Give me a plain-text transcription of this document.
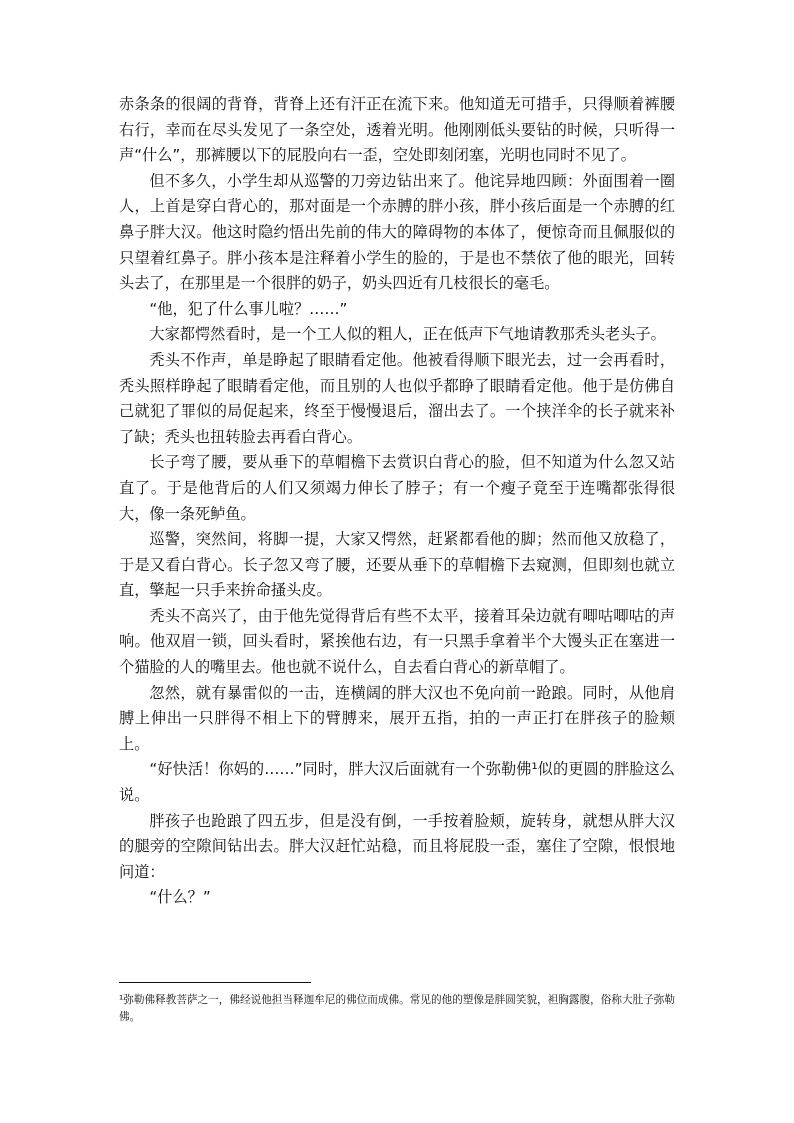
赤条条的很阔的背脊，背脊上还有汗正在流下来。他知道无可措手，只得顺着裤腰右行，幸而在尽头发见了一条空处，透着光明。他刚刚低头要钻的时候，只听得一声“什么”，那裤腰以下的屁股向右一歪，空处即刻闭塞，光明也同时不见了。

但不多久，小学生却从巡警的刀旁边钻出来了。他诧异地四顾：外面围着一圈人，上首是穿白背心的，那对面是一个赤膊的胖小孩，胖小孩后面是一个赤膊的红鼻子胖大汉。他这时隐约悟出先前的伟大的障碍物的本体了，便惊奇而且佩服似的只望着红鼻子。胖小孩本是注释着小学生的脸的，于是也不禁依了他的眼光，回转头去了，在那里是一个很胖的奶子，奶头四近有几枝很长的毫毛。

“他，犯了什么事儿啦？……”

大家都愕然看时，是一个工人似的粗人，正在低声下气地请教那秃头老头子。

秃头不作声，单是睁起了眼睛看定他。他被看得顺下眼光去，过一会再看时，秃头照样睁起了眼睛看定他，而且别的人也似乎都睁了眼睛看定他。他于是仿佛自己就犯了罪似的局促起来，终至于慢慢退后，溜出去了。一个挟洋伞的长子就来补了缺；秃头也扭转脸去再看白背心。

长子弯了腰，要从垂下的草帽檐下去赏识白背心的脸，但不知道为什么忽又站直了。于是他背后的人们又须竭力伸长了脖子；有一个瘦子竟至于连嘴都张得很大，像一条死鲈鱼。

巡警，突然间，将脚一提，大家又愕然，赶紧都看他的脚；然而他又放稳了，于是又看白背心。长子忽又弯了腰，还要从垂下的草帽檐下去窥测，但即刻也就立直，擎起一只手来拚命搔头皮。

秃头不高兴了，由于他先觉得背后有些不太平，接着耳朵边就有唧咕唧咕的声响。他双眉一锁，回头看时，紧挨他右边，有一只黑手拿着半个大馒头正在塞进一个猫脸的人的嘴里去。他也就不说什么，自去看白背心的新草帽了。

忽然，就有暴雷似的一击，连横阔的胖大汉也不免向前一跄踉。同时，从他肩膊上伸出一只胖得不相上下的臂膊来，展开五指，拍的一声正打在胖孩子的脸颊上。

“好快活！你妈的……”同时，胖大汉后面就有一个弥勒佛¹似的更圆的胖脸这么说。

胖孩子也跄踉了四五步，但是没有倒，一手按着脸颊，旋转身，就想从胖大汉的腿旁的空隙间钻出去。胖大汉赶忙站稳，而且将屁股一歪，塞住了空隙，恨恨地问道：

“什么？”

¹弥勒佛释教菩萨之一，佛经说他担当释迦牟尼的佛位而成佛。常见的他的塑像是胖圆笑貌，袒胸露腹，俗称大肚子弥勒佛。
